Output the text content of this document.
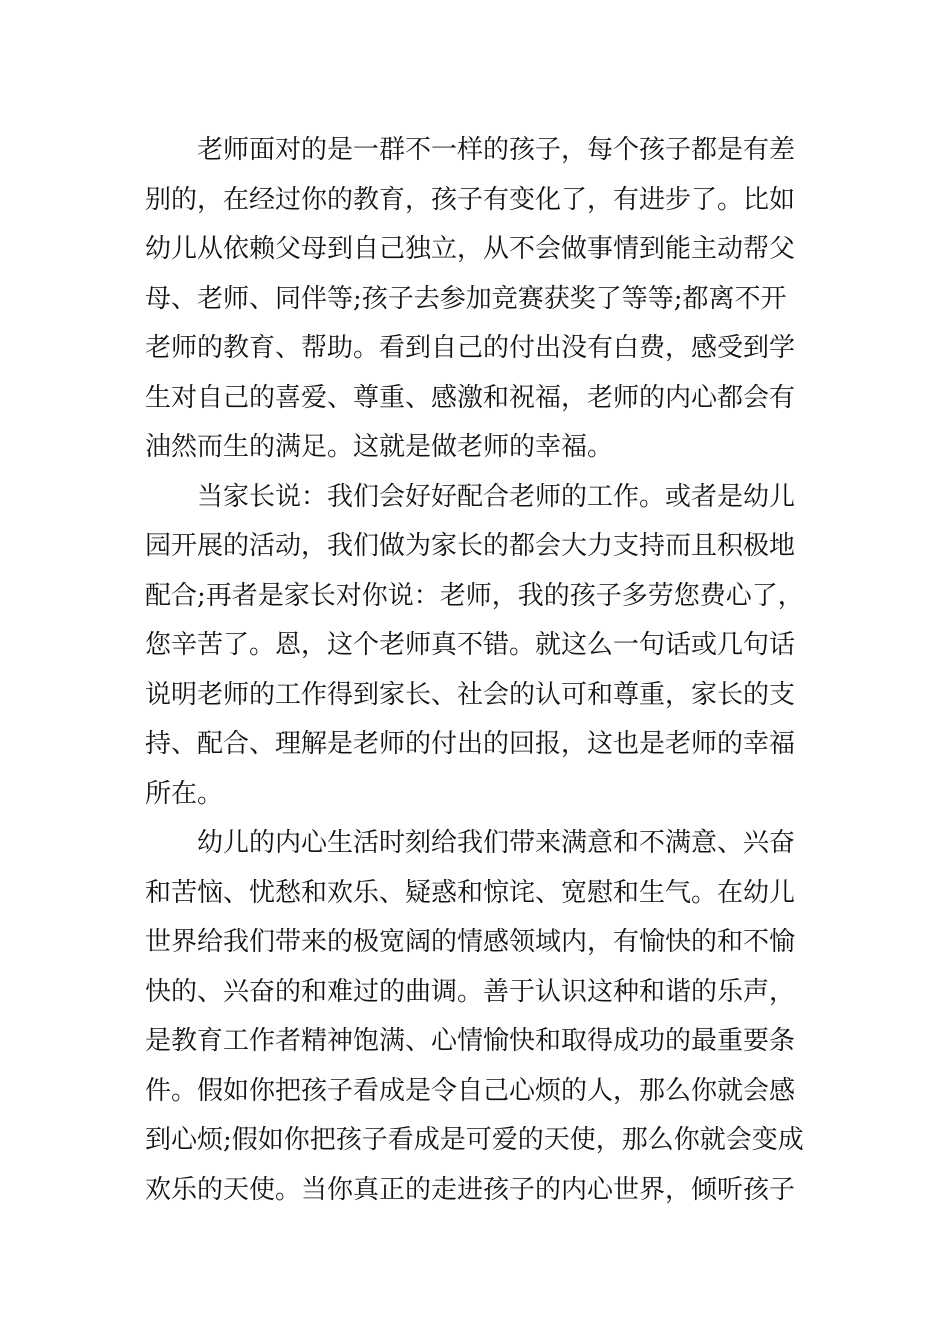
老师面对的是一群不一样的孩子，每个孩子都是有差
别的，在经过你的教育，孩子有变化了，有进步了。比如
幼儿从依赖父母到自己独立，从不会做事情到能主动帮父
母、老师、同伴等;孩子去参加竞赛获奖了等等;都离不开
老师的教育、帮助。看到自己的付出没有白费，感受到学
生对自己的喜爱、尊重、感激和祝福，老师的内心都会有
油然而生的满足。这就是做老师的幸福。
当家长说：我们会好好配合老师的工作。或者是幼儿
园开展的活动，我们做为家长的都会大力支持而且积极地
配合;再者是家长对你说：老师，我的孩子多劳您费心了，
您辛苦了。恩，这个老师真不错。就这么一句话或几句话
说明老师的工作得到家长、社会的认可和尊重，家长的支
持、配合、理解是老师的付出的回报，这也是老师的幸福
所在。
幼儿的内心生活时刻给我们带来满意和不满意、兴奋
和苦恼、忧愁和欢乐、疑惑和惊诧、宽慰和生气。在幼儿
世界给我们带来的极宽阔的情感领域内，有愉快的和不愉
快的、兴奋的和难过的曲调。善于认识这种和谐的乐声，
是教育工作者精神饱满、心情愉快和取得成功的最重要条
件。假如你把孩子看成是令自己心烦的人，那么你就会感
到心烦;假如你把孩子看成是可爱的天使，那么你就会变成
欢乐的天使。当你真正的走进孩子的内心世界，倾听孩子
